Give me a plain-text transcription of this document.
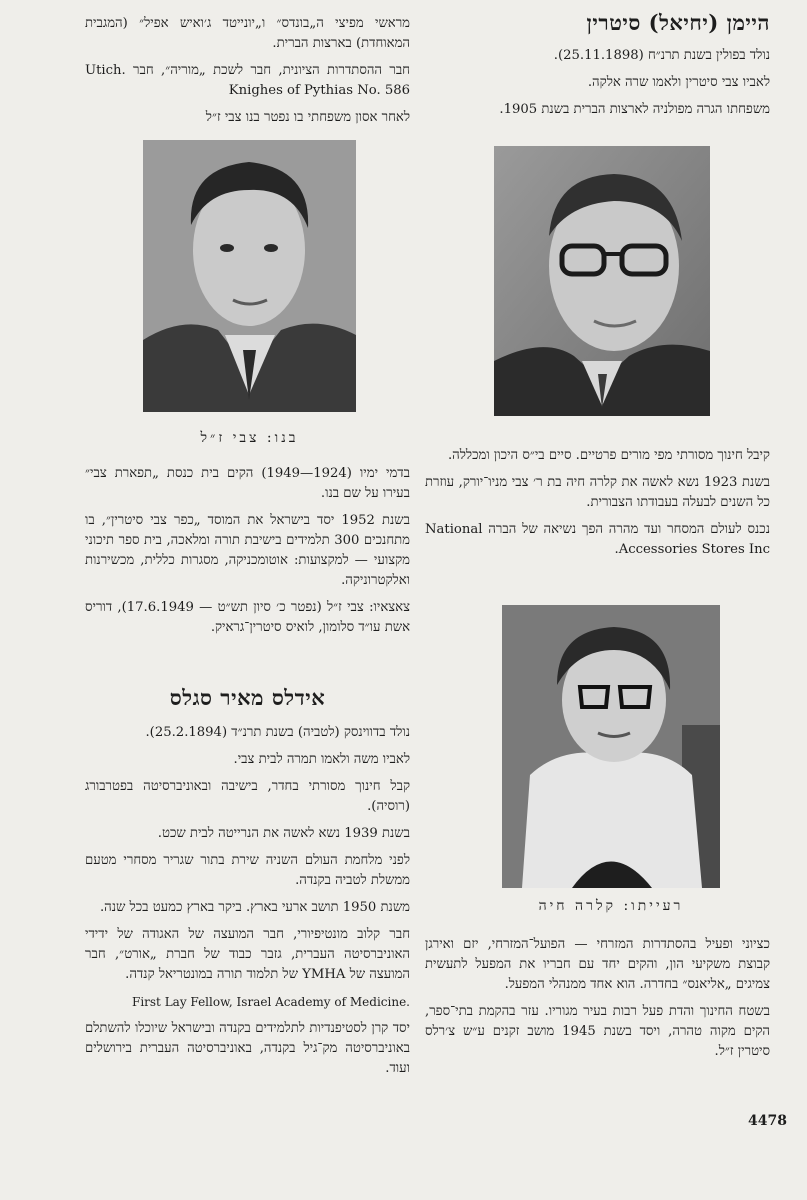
היימן (יחיאל) סיטרין

נולד בפולין בשנת תרנ״ח (25.11.1898).

לאביו צבי סיטרין ולאמו שרה אלקה.

משפחתו הגרה מפולניה לארצות הברית בשנת 1905.

קיבל חינוך מסורתי מפי מורים פרטיים. סיים בי״ס היכון ומכללה.

בשנת 1923 נשא לאשה את קלרה חיה בת ר׳ צבי מניו־יורק, עוזרת כל השנים לבעלה בעבודתו הצבורית.

נכנס לעולם המסחר ועד מהרה הפך נשיאה של הברה National Accessories Stores Inc.

רעייתו: קלרה חיה

כציוני ופעיל בהסתדרות המזרחי — הפועל־המזרחי, יזם ואירגן קבוצת משקיעי הון, והקים יחד עם חבריו את המפעל לתעשית צמיגים „אליאנס״ בחדרה. הוא אחד ממנהלי המפעל.

בשטח החינוך והדת פעל רבות בעיר מגוריו. עזר בהקמת בתי־ספר, הקים מקוה טהרה, ויסד בשנת 1945 מושב זקנים ע״ש צ׳רלס סיטרין ז״ל.

מראשי מפיצי ה„בונדס״ ו„יונייטד ג׳ואיש אפיל״ (המגבית המאוחדת) בארצות הברית.

חבר ההסתדרות הציונית, חבר לשכת „מוריה״, חבר Utich. Knighes of Pythias No. 586

לאחר אסון משפחתי בו נפטר בנו צבי ז״ל

בנו: צבי ז״ל

בדמי ימיו (1924—1949) הקים בית כנסת „תפארת צבי״ בעירו על שם בנו.

בשנת 1952 יסד בישראל את המוסד „כפר צבי סיטרין״, בו מתחנכים 300 תלמידים בישיבת תורה ומלאכה, בית ספר תיכוני מקצועי — למקצועות: אוטומכניקה, מסגרות כללית, מכשירנות ואלקטרוניקה.

צאצאיו: צבי ז״ל (נפטר כ׳ סיון תש״ט — 17.6.1949), דוריס אשת עו״ד סלומון, לואיס סיטרין־גראיק.

אידלס מאיר סגלס

נולד בדווינסק (לטביה) בשנת תרנ״ד (25.2.1894).

לאביו משה ולאמו תמרה לבית צבי.

קבל חינוך מסורתי בחדר, בישיבה ובאוניברסיטה בפטרבורג (רוסיה).

בשנת 1939 נשא לאשה את הנרייטה לבית שכט.

לפני מלחמת העולם השניה שירת בתור שגריר מסחרי מטעם ממשלת לטביה בקנדה.

משנת 1950 תושב ארעי בארץ. ביקר בארץ כמעט בכל שנה.

חבר קלוב מונטיפיורי, חבר המועצה של האגודה של ידידי האוניברסיטה העברית, גזבר כבוד של חברת „אורט״, חבר המועצה של YMHA של תלמוד תורה במונטריאל קנדה.

First Lay Fellow, Israel Academy of Medicine.

יסד קרן לסטיפנדיות לתלמידים בקנדה ובישראל שיוכלו להשתלם באוניברסיטה מק־גיל בקנדה, באוניברסיטה העברית בירושלים ועוד.

4478
